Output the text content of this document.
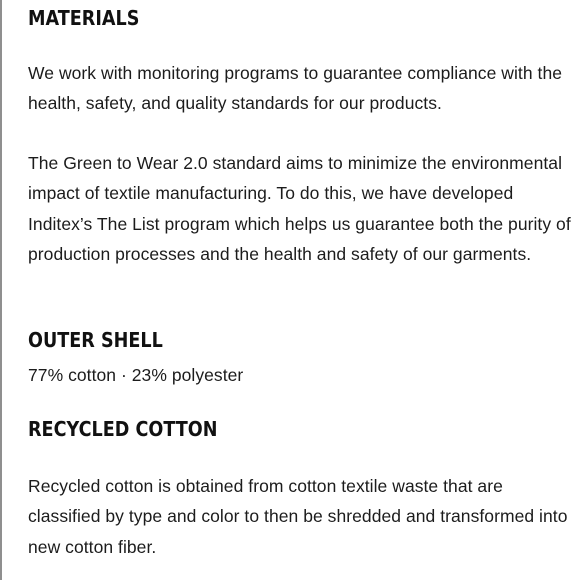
MATERIALS

We work with monitoring programs to guarantee compliance with the health, safety, and quality standards for our products.

The Green to Wear 2.0 standard aims to minimize the environmental impact of textile manufacturing. To do this, we have developed Inditex’s The List program which helps us guarantee both the purity of production processes and the health and safety of our garments.

OUTER SHELL

77% cotton · 23% polyester

RECYCLED COTTON

Recycled cotton is obtained from cotton textile waste that are classified by type and color to then be shredded and transformed into new cotton fiber.
